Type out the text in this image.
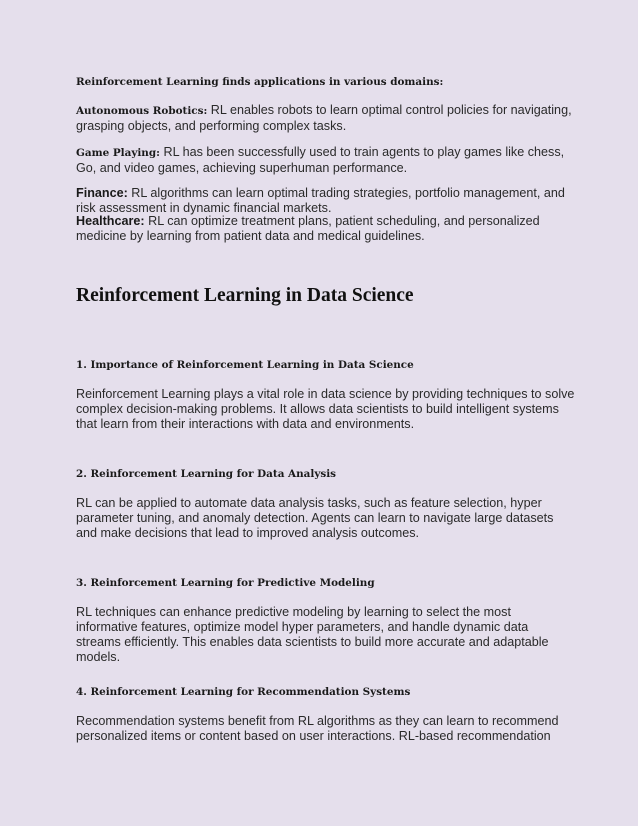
Reinforcement Learning finds applications in various domains:

Autonomous Robotics: RL enables robots to learn optimal control policies for navigating, grasping objects, and performing complex tasks.

Game Playing: RL has been successfully used to train agents to play games like chess, Go, and video games, achieving superhuman performance.

Finance: RL algorithms can learn optimal trading strategies, portfolio management, and risk assessment in dynamic financial markets.

Healthcare: RL can optimize treatment plans, patient scheduling, and personalized medicine by learning from patient data and medical guidelines.

Reinforcement Learning in Data Science
1. Importance of Reinforcement Learning in Data Science

Reinforcement Learning plays a vital role in data science by providing techniques to solve complex decision-making problems. It allows data scientists to build intelligent systems that learn from their interactions with data and environments.

2. Reinforcement Learning for Data Analysis

RL can be applied to automate data analysis tasks, such as feature selection, hyper parameter tuning, and anomaly detection. Agents can learn to navigate large datasets and make decisions that lead to improved analysis outcomes.

3. Reinforcement Learning for Predictive Modeling

RL techniques can enhance predictive modeling by learning to select the most informative features, optimize model hyper parameters, and handle dynamic data streams efficiently. This enables data scientists to build more accurate and adaptable models.

4. Reinforcement Learning for Recommendation Systems

Recommendation systems benefit from RL algorithms as they can learn to recommend personalized items or content based on user interactions. RL-based recommendation
